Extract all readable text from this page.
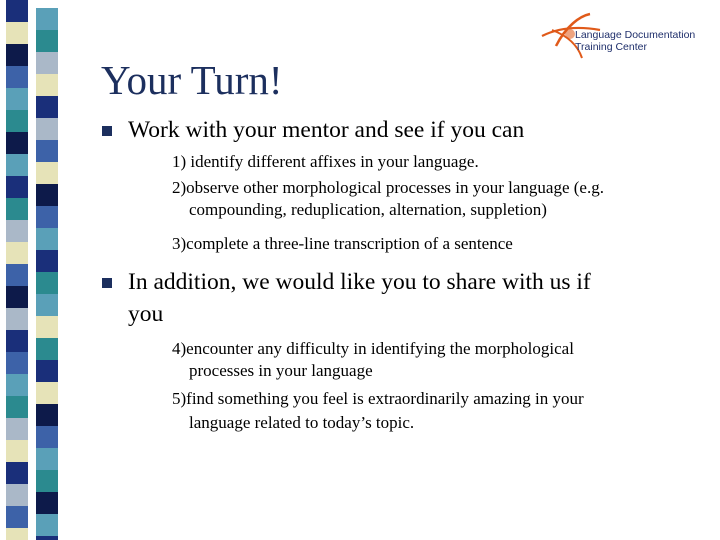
Language Documentation
Training Center
Your Turn!
Work with your mentor and see if you can
1) identify different affixes in your language.
2)observe other morphological processes in your language (e.g.
compounding, reduplication, alternation, suppletion)
3)complete a three-line transcription of a sentence
In addition, we would like you to share with us if
you
4)encounter any difficulty in identifying the morphological
processes in your language
5)find something you feel is extraordinarily amazing in your
language related to today’s topic.
